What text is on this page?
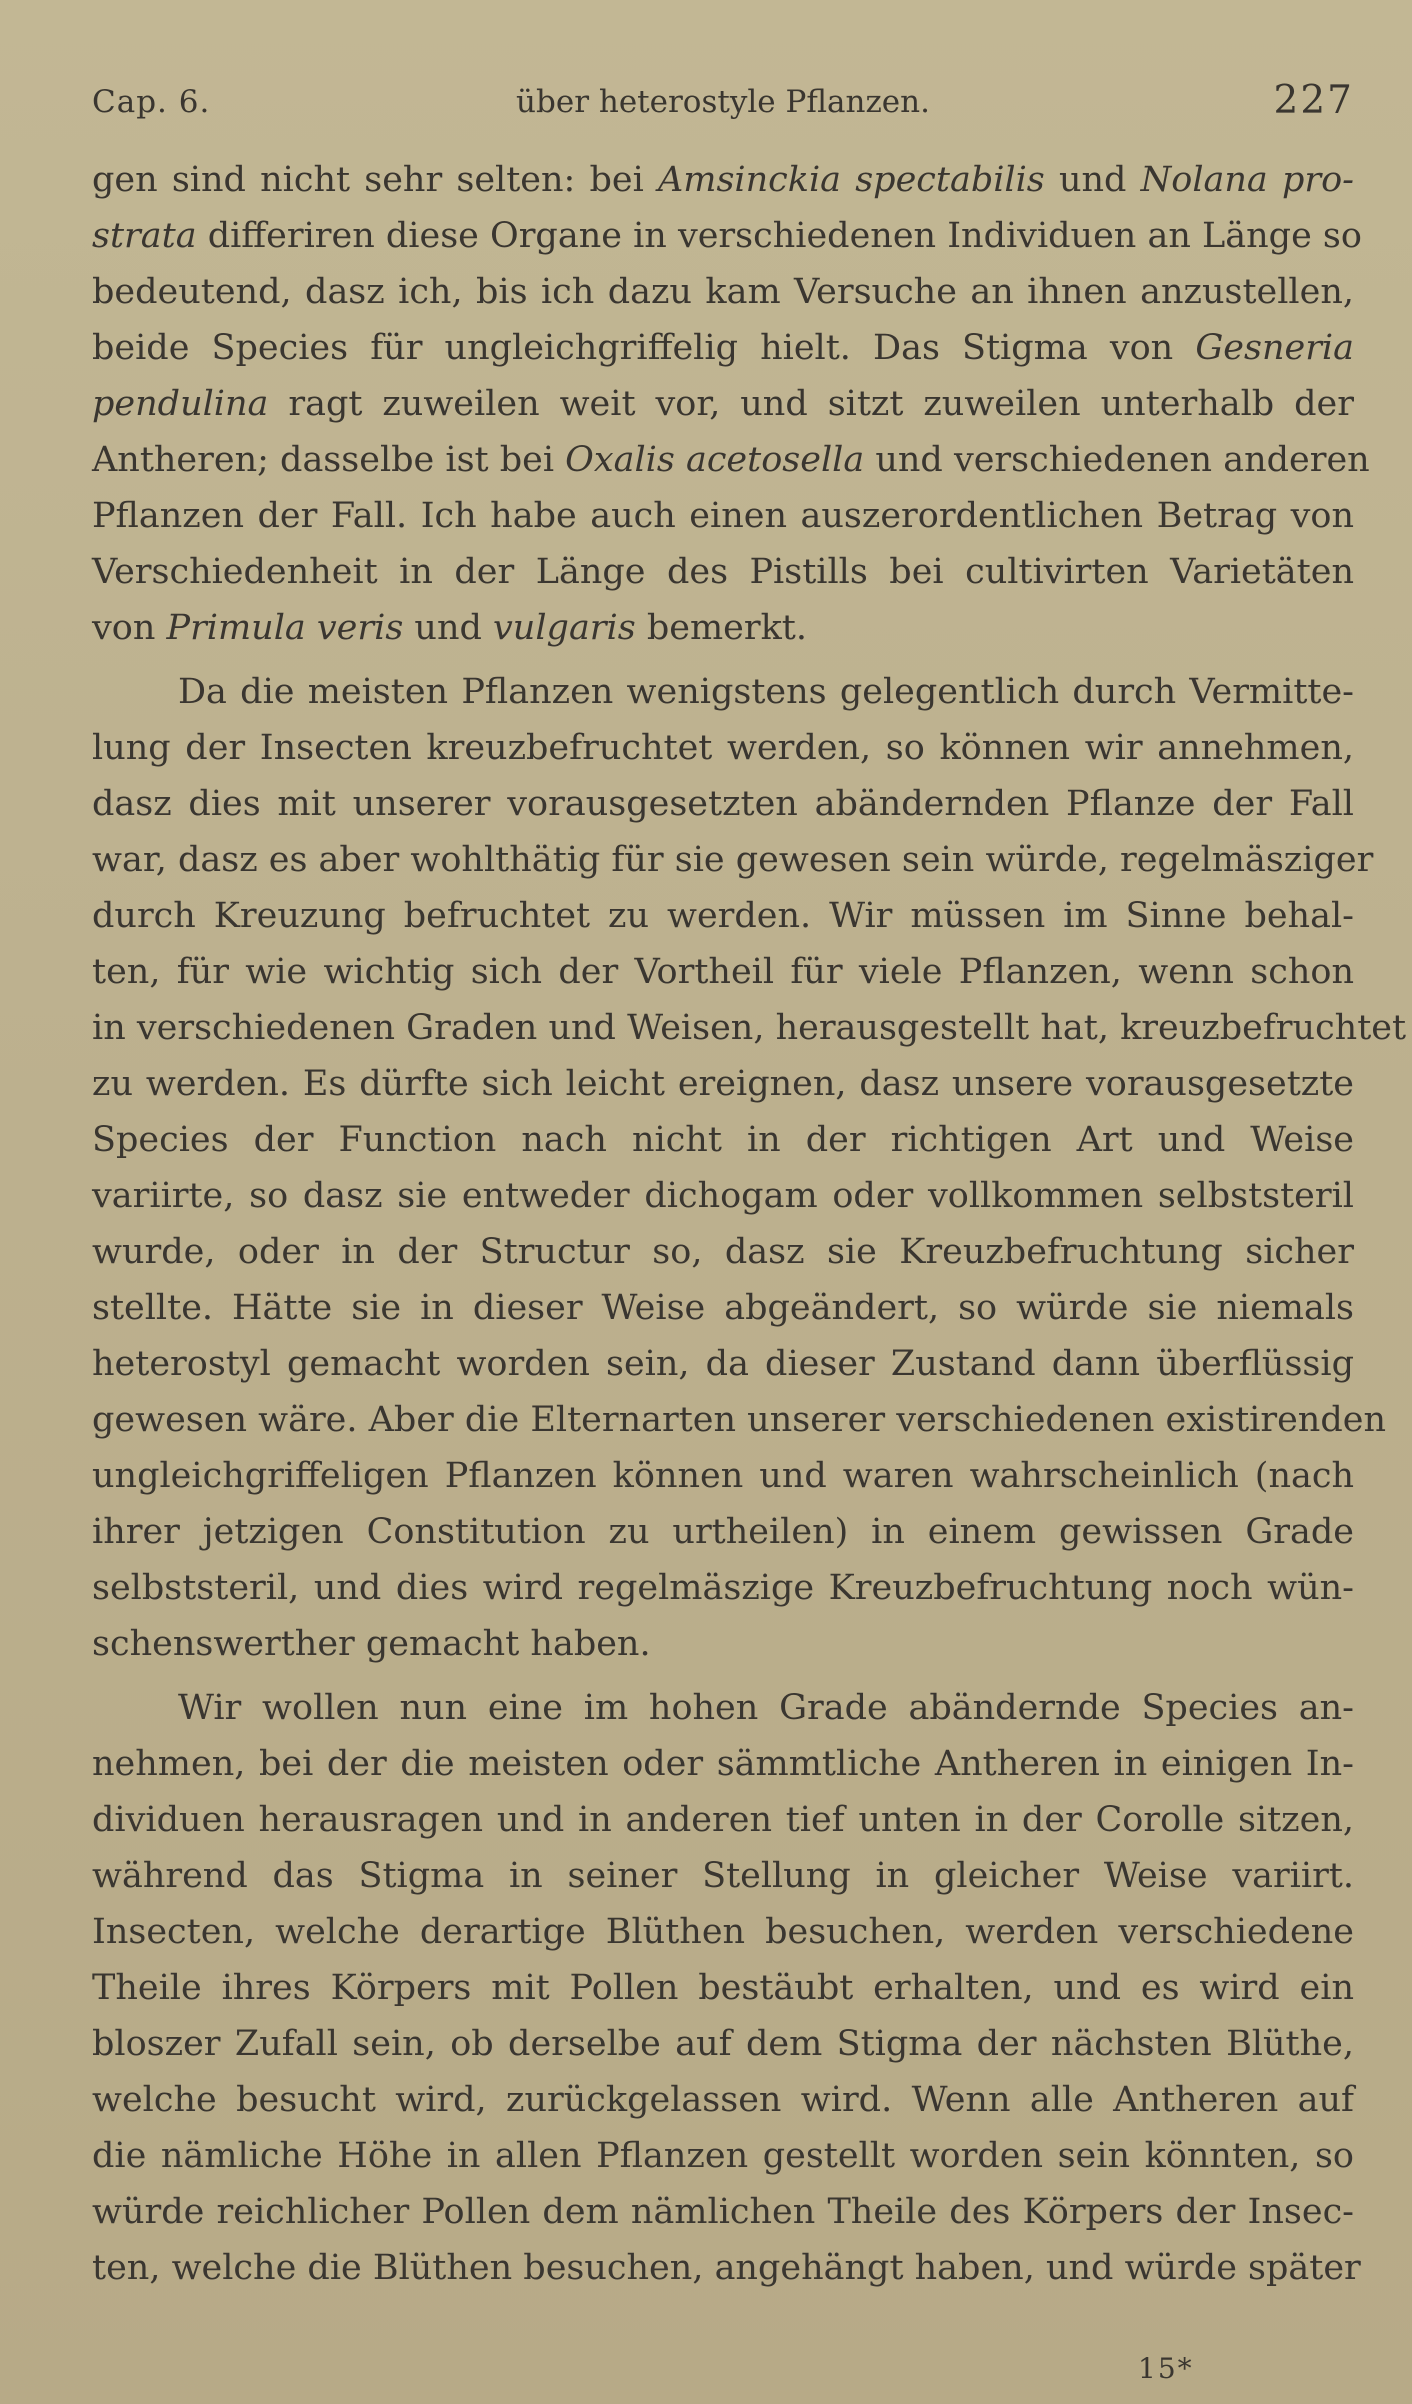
Cap. 6.	über heterostyle Pflanzen.	227
gen sind nicht sehr selten: bei Amsinckia spectabilis und Nolana pro-
strata differiren diese Organe in verschiedenen Individuen an Länge so
bedeutend, dasz ich, bis ich dazu kam Versuche an ihnen anzustellen,
beide Species für ungleichgriffelig hielt. Das Stigma von Gesneria
pendulina ragt zuweilen weit vor, und sitzt zuweilen unterhalb der
Antheren; dasselbe ist bei Oxalis acetosella und verschiedenen anderen
Pflanzen der Fall. Ich habe auch einen auszerordentlichen Betrag von
Verschiedenheit in der Länge des Pistills bei cultivirten Varietäten
von Primula veris und vulgaris bemerkt.
Da die meisten Pflanzen wenigstens gelegentlich durch Vermitte-
lung der Insecten kreuzbefruchtet werden, so können wir annehmen,
dasz dies mit unserer vorausgesetzten abändernden Pflanze der Fall
war, dasz es aber wohlthätig für sie gewesen sein würde, regelmäsziger
durch Kreuzung befruchtet zu werden. Wir müssen im Sinne behal-
ten, für wie wichtig sich der Vortheil für viele Pflanzen, wenn schon
in verschiedenen Graden und Weisen, herausgestellt hat, kreuzbefruchtet
zu werden. Es dürfte sich leicht ereignen, dasz unsere vorausgesetzte
Species der Function nach nicht in der richtigen Art und Weise
variirte, so dasz sie entweder dichogam oder vollkommen selbststeril
wurde, oder in der Structur so, dasz sie Kreuzbefruchtung sicher
stellte. Hätte sie in dieser Weise abgeändert, so würde sie niemals
heterostyl gemacht worden sein, da dieser Zustand dann überflüssig
gewesen wäre. Aber die Elternarten unserer verschiedenen existirenden
ungleichgriffeligen Pflanzen können und waren wahrscheinlich (nach
ihrer jetzigen Constitution zu urtheilen) in einem gewissen Grade
selbststeril, und dies wird regelmäszige Kreuzbefruchtung noch wün-
schenswerther gemacht haben.
Wir wollen nun eine im hohen Grade abändernde Species an-
nehmen, bei der die meisten oder sämmtliche Antheren in einigen In-
dividuen herausragen und in anderen tief unten in der Corolle sitzen,
während das Stigma in seiner Stellung in gleicher Weise variirt.
Insecten, welche derartige Blüthen besuchen, werden verschiedene
Theile ihres Körpers mit Pollen bestäubt erhalten, und es wird ein
bloszer Zufall sein, ob derselbe auf dem Stigma der nächsten Blüthe,
welche besucht wird, zurückgelassen wird. Wenn alle Antheren auf
die nämliche Höhe in allen Pflanzen gestellt worden sein könnten, so
würde reichlicher Pollen dem nämlichen Theile des Körpers der Insec-
ten, welche die Blüthen besuchen, angehängt haben, und würde später
15*
